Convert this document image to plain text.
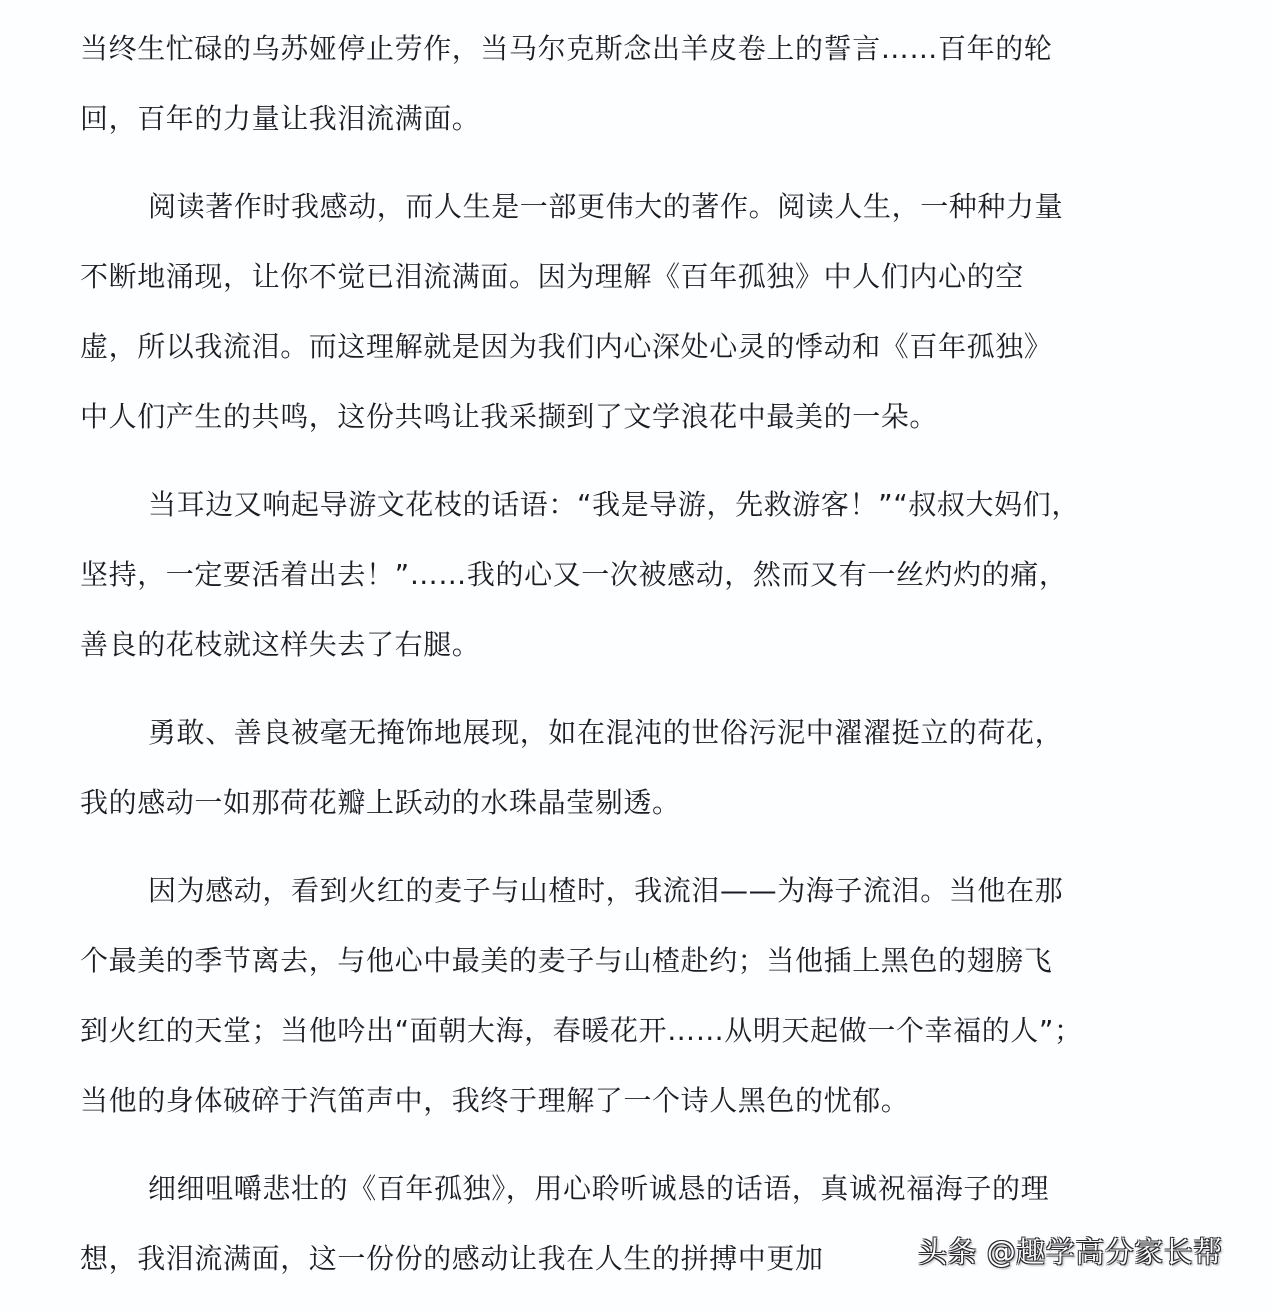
当终生忙碌的乌苏娅停止劳作，当马尔克斯念出羊皮卷上的誓言……百年的轮
回，百年的力量让我泪流满面。
阅读著作时我感动，而人生是一部更伟大的著作。阅读人生，一种种力量
不断地涌现，让你不觉已泪流满面。因为理解《百年孤独》中人们内心的空
虚，所以我流泪。而这理解就是因为我们内心深处心灵的悸动和《百年孤独》
中人们产生的共鸣，这份共鸣让我采撷到了文学浪花中最美的一朵。
当耳边又响起导游文花枝的话语：“我是导游，先救游客！”“叔叔大妈们，
坚持，一定要活着出去！”……我的心又一次被感动，然而又有一丝灼灼的痛，
善良的花枝就这样失去了右腿。
勇敢、善良被毫无掩饰地展现，如在混沌的世俗污泥中濯濯挺立的荷花，
我的感动一如那荷花瓣上跃动的水珠晶莹剔透。
因为感动，看到火红的麦子与山楂时，我流泪——为海子流泪。当他在那
个最美的季节离去，与他心中最美的麦子与山楂赴约；当他插上黑色的翅膀飞
到火红的天堂；当他吟出“面朝大海，春暖花开……从明天起做一个幸福的人”；
当他的身体破碎于汽笛声中，我终于理解了一个诗人黑色的忧郁。
细细咀嚼悲壮的《百年孤独》，用心聆听诚恳的话语，真诚祝福海子的理
想，我泪流满面，这一份份的感动让我在人生的拼搏中更加	头条 @趣学高分家长帮
